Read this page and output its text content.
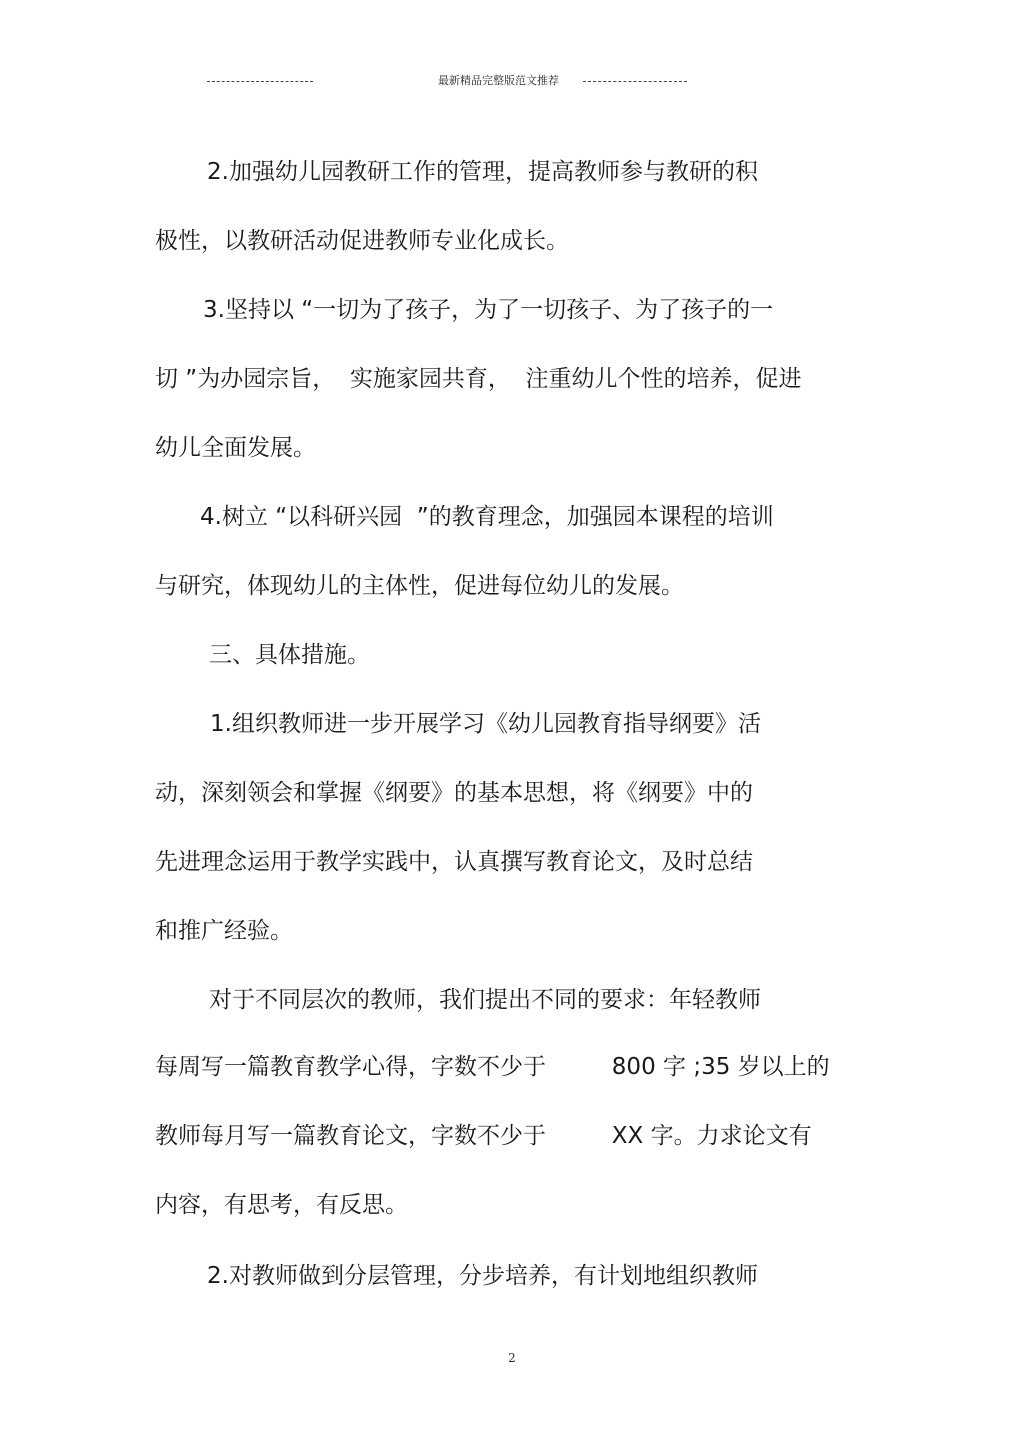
最新精品完整版范文推荐
2.加强幼儿园教研工作的管理，提高教师参与教研的积
极性，以教研活动促进教师专业化成长。
3.坚持以 “一切为了孩子，为了一切孩子、为了孩子的一
切 ”为办园宗旨，  实施家园共育，  注重幼儿个性的培养，促进
幼儿全面发展。
4.树立 “以科研兴园  ”的教育理念，加强园本课程的培训
与研究，体现幼儿的主体性，促进每位幼儿的发展。
三、具体措施。
1.组织教师进一步开展学习《幼儿园教育指导纲要》活
动，深刻领会和掌握《纲要》的基本思想，将《纲要》中的
先进理念运用于教学实践中，认真撰写教育论文，及时总结
和推广经验。
对于不同层次的教师，我们提出不同的要求：年轻教师
每周写一篇教育教学心得，字数不少于         800 字 ;35 岁以上的
教师每月写一篇教育论文，字数不少于         XX 字。力求论文有
内容，有思考，有反思。
2.对教师做到分层管理，分步培养，有计划地组织教师
2
